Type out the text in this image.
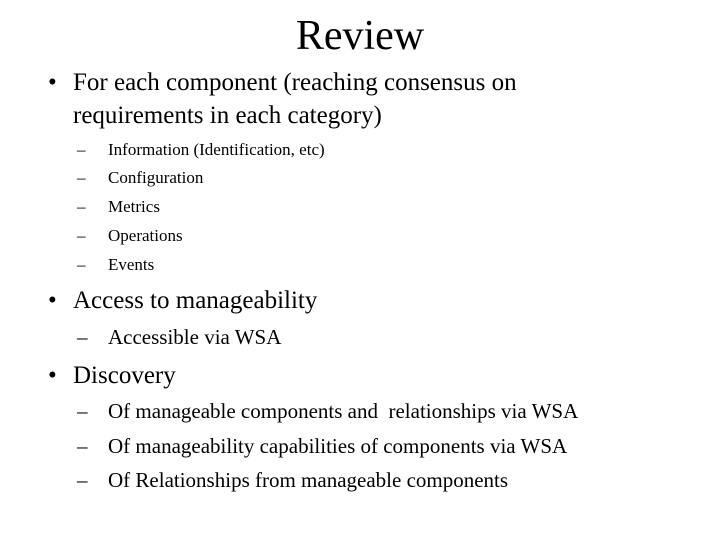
Review
• For each component (reaching consensus on
requirements in each category)
– Information (Identification, etc)
– Configuration
– Metrics
– Operations
– Events
• Access to manageability
– Accessible via WSA
• Discovery
– Of manageable components and  relationships via WSA
– Of manageability capabilities of components via WSA
– Of Relationships from manageable components
